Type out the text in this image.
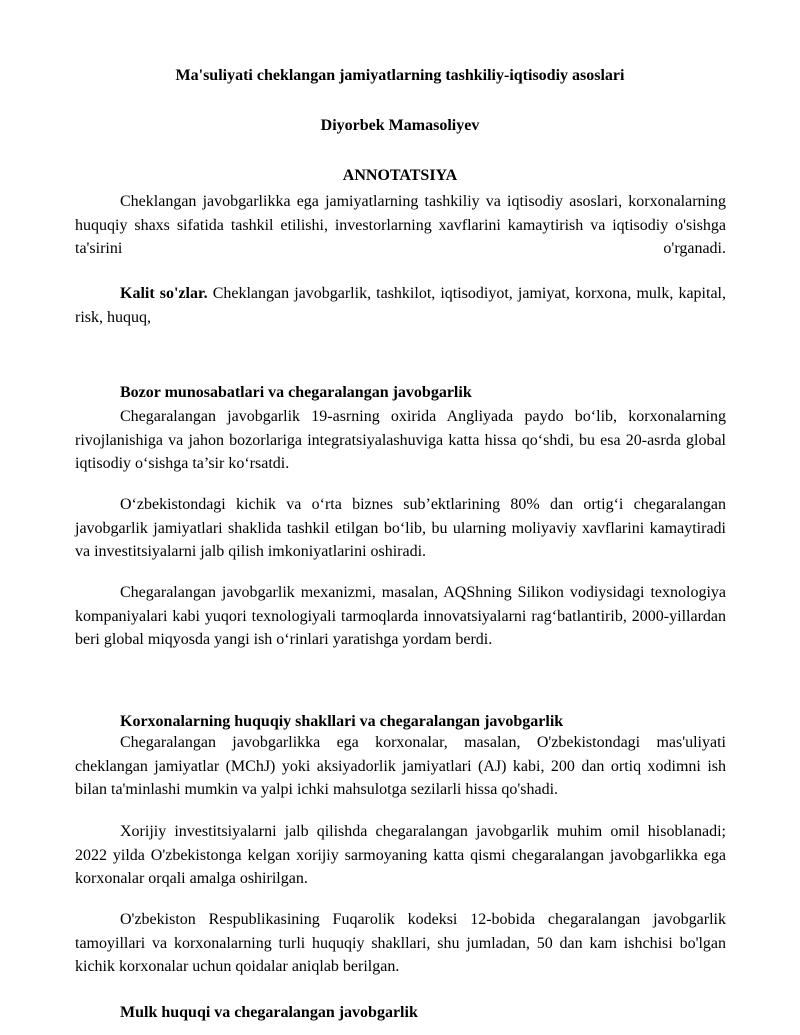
Ma'suliyati cheklangan jamiyatlarning tashkiliy-iqtisodiy asoslari
Diyorbek Mamasoliyev
ANNOTATSIYA

Cheklangan javobgarlikka ega jamiyatlarning tashkiliy va iqtisodiy asoslari, korxonalarning huquqiy shaxs sifatida tashkil etilishi, investorlarning xavflarini kamaytirish va iqtisodiy o'sishga ta'sirini o'rganadi.

Kalit so'zlar. Cheklangan javobgarlik, tashkilot, iqtisodiyot, jamiyat, korxona, mulk, kapital, risk, huquq,

Bozor munosabatlari va chegaralangan javobgarlik

Chegaralangan javobgarlik 19-asrning oxirida Angliyada paydo bo‘lib, korxonalarning rivojlanishiga va jahon bozorlariga integratsiyalashuviga katta hissa qo‘shdi, bu esa 20-asrda global iqtisodiy o‘sishga ta’sir ko‘rsatdi.

O‘zbekistondagi kichik va o‘rta biznes sub’ektlarining 80% dan ortig‘i chegaralangan javobgarlik jamiyatlari shaklida tashkil etilgan bo‘lib, bu ularning moliyaviy xavflarini kamaytiradi va investitsiyalarni jalb qilish imkoniyatlarini oshiradi.

Chegaralangan javobgarlik mexanizmi, masalan, AQShning Silikon vodiysidagi texnologiya kompaniyalari kabi yuqori texnologiyali tarmoqlarda innovatsiyalarni rag‘batlantirib, 2000-yillardan beri global miqyosda yangi ish o‘rinlari yaratishga yordam berdi.

Korxonalarning huquqiy shakllari va chegaralangan javobgarlik

Chegaralangan javobgarlikka ega korxonalar, masalan, O'zbekistondagi mas'uliyati cheklangan jamiyatlar (MChJ) yoki aksiyadorlik jamiyatlari (AJ) kabi, 200 dan ortiq xodimni ish bilan ta'minlashi mumkin va yalpi ichki mahsulotga sezilarli hissa qo'shadi.

Xorijiy investitsiyalarni jalb qilishda chegaralangan javobgarlik muhim omil hisoblanadi; 2022 yilda O'zbekistonga kelgan xorijiy sarmoyaning katta qismi chegaralangan javobgarlikka ega korxonalar orqali amalga oshirilgan.

O'zbekiston Respublikasining Fuqarolik kodeksi 12-bobida chegaralangan javobgarlik tamoyillari va korxonalarning turli huquqiy shakllari, shu jumladan, 50 dan kam ishchisi bo'lgan kichik korxonalar uchun qoidalar aniqlab berilgan.

Mulk huquqi va chegaralangan javobgarlik
